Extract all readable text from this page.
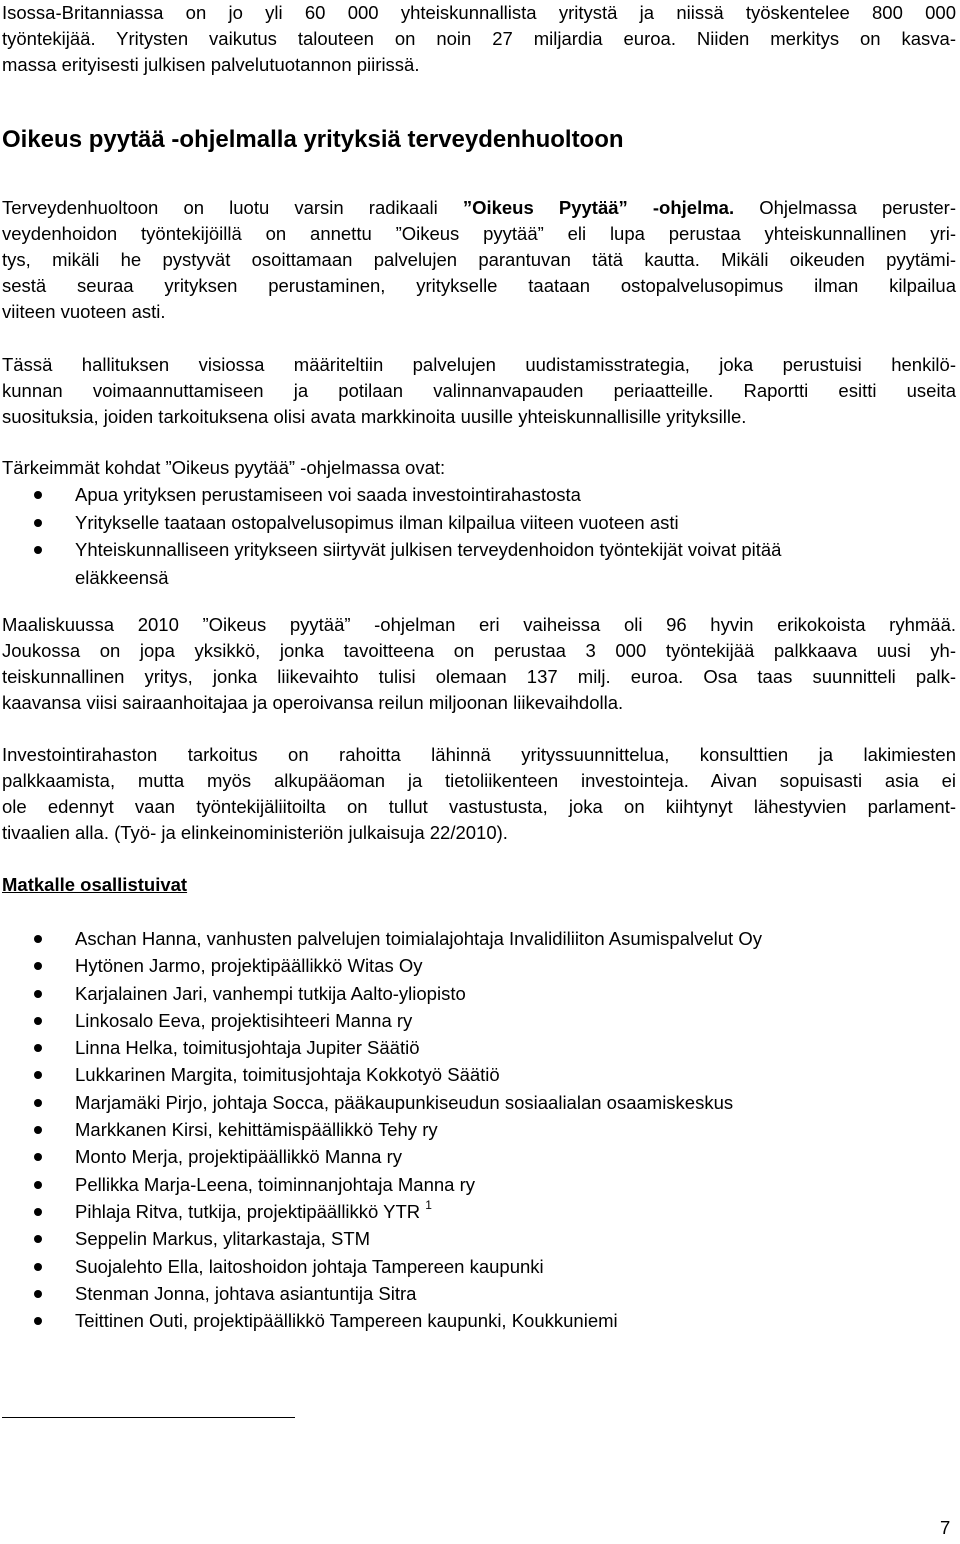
Isossa-Britanniassa on jo yli 60 000 yhteiskunnallista yritystä ja niissä työskentelee 800 000
työntekijää. Yritysten vaikutus talouteen on noin 27 miljardia euroa. Niiden merkitys on kasva-
massa erityisesti julkisen palvelutuotannon piirissä.

Oikeus pyytää -ohjelmalla yrityksiä terveydenhuoltoon

Terveydenhuoltoon on luotu varsin radikaali ”Oikeus Pyytää” -ohjelma. Ohjelmassa peruster-
veydenhoidon työntekijöillä on annettu ”Oikeus pyytää” eli lupa perustaa yhteiskunnallinen yri-
tys, mikäli he pystyvät osoittamaan palvelujen parantuvan tätä kautta. Mikäli oikeuden pyytämi-
sestä seuraa yrityksen perustaminen, yritykselle taataan ostopalvelusopimus ilman kilpailua
viiteen vuoteen asti.

Tässä hallituksen visiossa määriteltiin palvelujen uudistamisstrategia, joka perustuisi henkilö-
kunnan voimaannuttamiseen ja potilaan valinnanvapauden periaatteille. Raportti esitti useita
suosituksia, joiden tarkoituksena olisi avata markkinoita uusille yhteiskunnallisille yrityksille.

Tärkeimmät kohdat ”Oikeus pyytää” -ohjelmassa ovat:

Apua yrityksen perustamiseen voi saada investointirahastosta
Yritykselle taataan ostopalvelusopimus ilman kilpailua viiteen vuoteen asti
Yhteiskunnalliseen yritykseen siirtyvät julkisen terveydenhoidon työntekijät voivat pitää
eläkkeensä

Maaliskuussa 2010 ”Oikeus pyytää” -ohjelman eri vaiheissa oli 96 hyvin erikokoista ryhmää.
Joukossa on jopa yksikkö, jonka tavoitteena on perustaa 3 000 työntekijää palkkaava uusi yh-
teiskunnallinen yritys, jonka liikevaihto tulisi olemaan 137 milj. euroa. Osa taas suunnitteli palk-
kaavansa viisi sairaanhoitajaa ja operoivansa reilun miljoonan liikevaihdolla.

Investointirahaston tarkoitus on rahoitta lähinnä yrityssuunnittelua, konsulttien ja lakimiesten
palkkaamista, mutta myös alkupääoman ja tietoliikenteen investointeja. Aivan sopuisasti asia ei
ole edennyt vaan työntekijäliitoilta on tullut vastustusta, joka on kiihtynyt lähestyvien parlament-
tivaalien alla. (Työ- ja elinkeinoministeriön julkaisuja 22/2010).

Matkalle osallistuivat
Aschan Hanna, vanhusten palvelujen toimialajohtaja Invalidiliiton Asumispalvelut Oy
Hytönen Jarmo, projektipäällikkö Witas Oy
Karjalainen Jari, vanhempi tutkija Aalto-yliopisto
Linkosalo Eeva, projektisihteeri Manna ry
Linna Helka, toimitusjohtaja Jupiter Säätiö
Lukkarinen Margita, toimitusjohtaja Kokkotyö Säätiö
Marjamäki Pirjo, johtaja Socca, pääkaupunkiseudun sosiaalialan osaamiskeskus
Markkanen Kirsi, kehittämispäällikkö Tehy ry
Monto Merja, projektipäällikkö Manna ry
Pellikka Marja-Leena, toiminnanjohtaja Manna ry
Pihlaja Ritva, tutkija, projektipäällikkö YTR $^1$
Seppelin Markus, ylitarkastaja, STM
Suojalehto Ella, laitoshoidon johtaja Tampereen kaupunki
Stenman Jonna, johtava asiantuntija Sitra
Teittinen Outi, projektipäällikkö Tampereen kaupunki, Koukkuniemi
7
